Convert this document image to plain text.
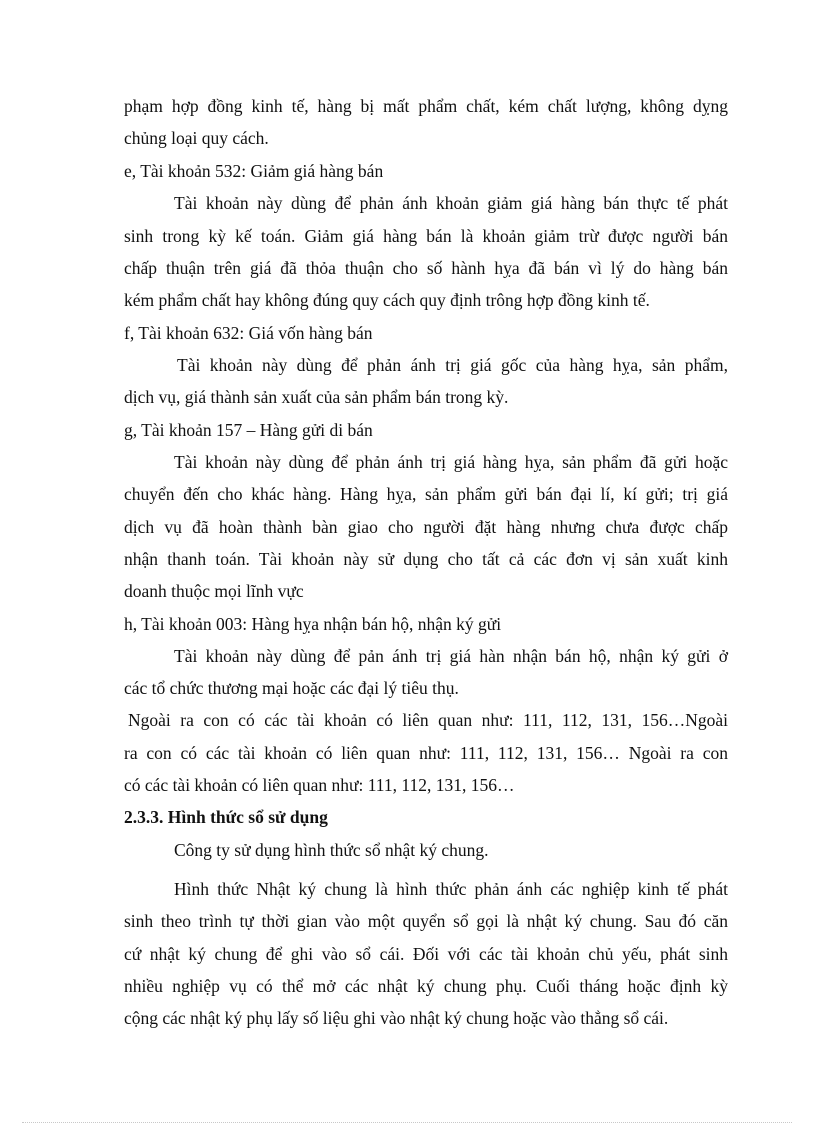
phạm hợp đồng kinh tế, hàng bị mất phẩm chất, kém chất lượng, không dỵng
chủng loại quy cách.
e, Tài khoản 532: Giảm giá hàng bán
Tài khoản này dùng để phản ánh khoản giảm giá hàng bán thực tế phát
sinh trong kỳ kế toán. Giảm giá hàng bán là khoản giảm trừ được người bán
chấp thuận trên giá đã thỏa thuận cho số hành hỵa đã bán vì lý do hàng bán
kém phẩm chất hay không đúng quy cách quy định trông hợp đồng kinh tế.
f, Tài khoản 632: Giá vốn hàng bán
Tài khoản này dùng để phản ánh trị giá gốc của hàng hỵa, sản phẩm,
dịch vụ, giá thành sản xuất của sản phẩm bán trong kỳ.
g, Tài khoản 157 – Hàng gửi di bán
Tài khoản này dùng để phản ánh trị giá hàng hỵa, sản phẩm đã gửi hoặc
chuyển đến cho khác hàng. Hàng hỵa, sản phẩm gửi bán đại lí, kí gửi; trị giá
dịch vụ đã hoàn thành bàn giao cho người đặt hàng nhưng chưa được chấp
nhận thanh toán. Tài khoản này sử dụng cho tất cả các đơn vị sản xuất kinh
doanh thuộc mọi lĩnh vực
h, Tài khoản 003: Hàng hỵa nhận bán hộ, nhận ký gửi
Tài khoản này dùng để pản ánh trị giá hàn nhận bán hộ, nhận ký gửi ở
các tổ chức thương mại hoặc các đại lý tiêu thụ.
Ngoài ra con có các tài khoản có liên quan như: 111, 112, 131, 156…Ngoài
ra con có các tài khoản có liên quan như: 111, 112, 131, 156… Ngoài ra con
có các tài khoản có liên quan như: 111, 112, 131, 156…
2.3.3. Hình thức sổ sử dụng
Công ty sử dụng hình thức sổ nhật ký chung.
Hình thức Nhật ký chung là hình thức phản ánh các nghiệp kinh tế phát
sinh theo trình tự thời gian vào một quyển sổ gọi là nhật ký chung. Sau đó căn
cứ nhật ký chung để ghi vào sổ cái. Đối với các tài khoản chủ yếu, phát sinh
nhiều nghiệp vụ có thể mở các nhật ký chung phụ. Cuối tháng hoặc định kỳ
cộng các nhật ký phụ lấy số liệu ghi vào nhật ký chung hoặc vào thẳng sổ cái.
